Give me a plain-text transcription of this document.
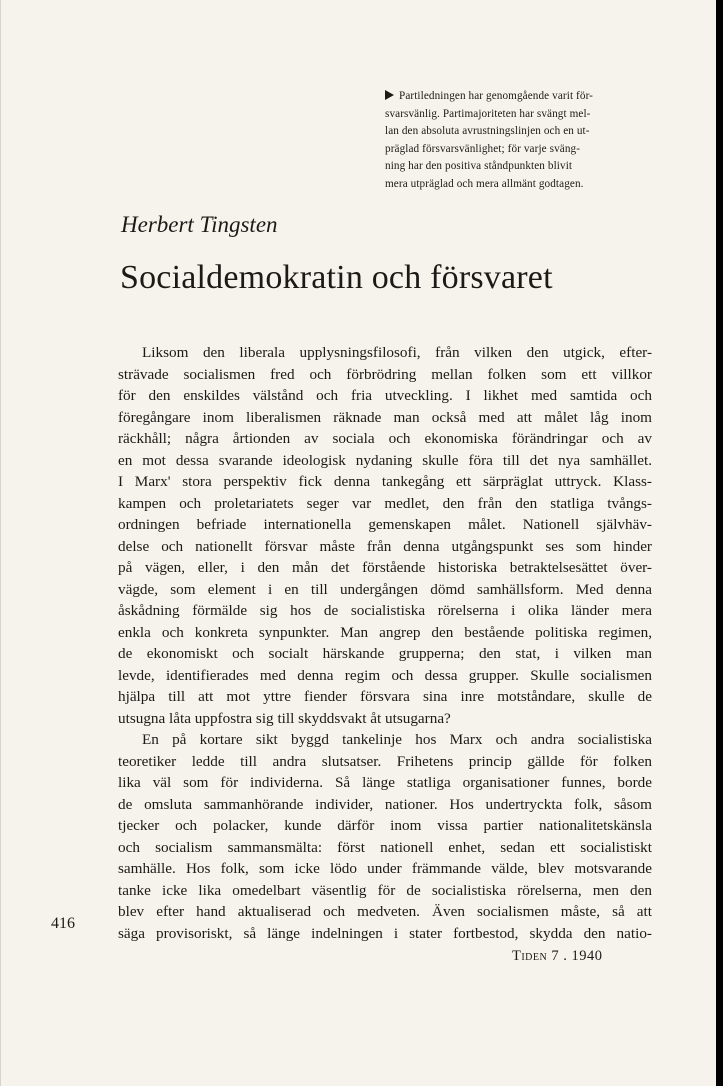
Partiledningen har genomgående varit för-
svarsvänlig. Partimajoriteten har svängt mel-
lan den absoluta avrustningslinjen och en ut-
präglad försvarsvänlighet; för varje sväng-
ning har den positiva ståndpunkten blivit
mera utpräglad och mera allmänt godtagen.
Herbert Tingsten
Socialdemokratin och försvaret
Liksom den liberala upplysningsfilosofi, från vilken den utgick, efter-
strävade socialismen fred och förbrödring mellan folken som ett villkor
för den enskildes välstånd och fria utveckling. I likhet med samtida och
föregångare inom liberalismen räknade man också med att målet låg inom
räckhåll; några årtionden av sociala och ekonomiska förändringar och av
en mot dessa svarande ideologisk nydaning skulle föra till det nya samhället.
I Marx' stora perspektiv fick denna tankegång ett särpräglat uttryck. Klass-
kampen och proletariatets seger var medlet, den från den statliga tvångs-
ordningen befriade internationella gemenskapen målet. Nationell självhäv-
delse och nationellt försvar måste från denna utgångspunkt ses som hinder
på vägen, eller, i den mån det förstående historiska betraktelsesättet över-
vägde, som element i en till undergången dömd samhällsform. Med denna
åskådning förmälde sig hos de socialistiska rörelserna i olika länder mera
enkla och konkreta synpunkter. Man angrep den bestående politiska regimen,
de ekonomiskt och socialt härskande grupperna; den stat, i vilken man
levde, identifierades med denna regim och dessa grupper. Skulle socialismen
hjälpa till att mot yttre fiender försvara sina inre motståndare, skulle de
utsugna låta uppfostra sig till skyddsvakt åt utsugarna?
En på kortare sikt byggd tankelinje hos Marx och andra socialistiska
teoretiker ledde till andra slutsatser. Frihetens princip gällde för folken
lika väl som för individerna. Så länge statliga organisationer funnes, borde
de omsluta sammanhörande individer, nationer. Hos undertryckta folk, såsom
tjecker och polacker, kunde därför inom vissa partier nationalitetskänsla
och socialism sammansmälta: först nationell enhet, sedan ett socialistiskt
samhälle. Hos folk, som icke lödo under främmande välde, blev motsvarande
tanke icke lika omedelbart väsentlig för de socialistiska rörelserna, men den
blev efter hand aktualiserad och medveten. Även socialismen måste, så att
säga provisoriskt, så länge indelningen i stater fortbestod, skydda den natio-
416
Tiden 7 . 1940
